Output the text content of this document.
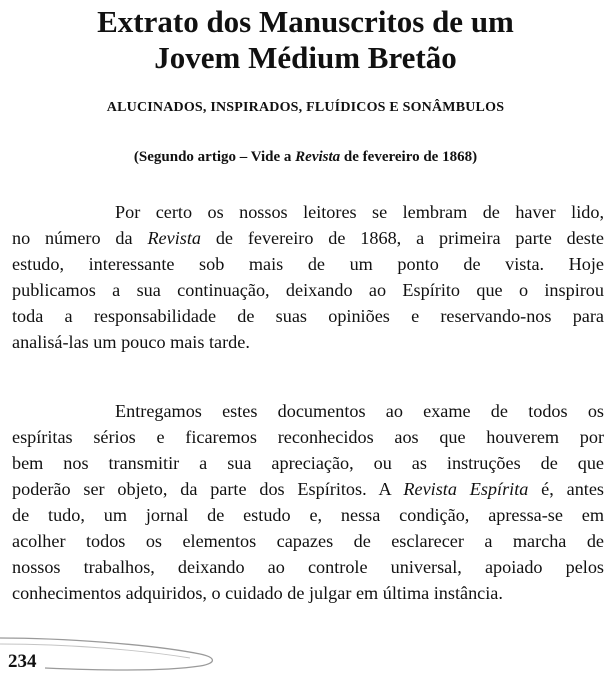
Extrato dos Manuscritos de um
Jovem Médium Bretão
ALUCINADOS, INSPIRADOS, FLUÍDICOS E SONÂMBULOS
(Segundo artigo – Vide a Revista de fevereiro de 1868)
Por certo os nossos leitores se lembram de haver lido,
no número da Revista de fevereiro de 1868, a primeira parte deste
estudo, interessante sob mais de um ponto de vista. Hoje
publicamos a sua continuação, deixando ao Espírito que o inspirou
toda a responsabilidade de suas opiniões e reservando-nos para
analisá-las um pouco mais tarde.
Entregamos estes documentos ao exame de todos os
espíritas sérios e ficaremos reconhecidos aos que houverem por
bem nos transmitir a sua apreciação, ou as instruções de que
poderão ser objeto, da parte dos Espíritos. A Revista Espírita é, antes
de tudo, um jornal de estudo e, nessa condição, apressa-se em
acolher todos os elementos capazes de esclarecer a marcha de
nossos trabalhos, deixando ao controle universal, apoiado pelos
conhecimentos adquiridos, o cuidado de julgar em última instância.
234
